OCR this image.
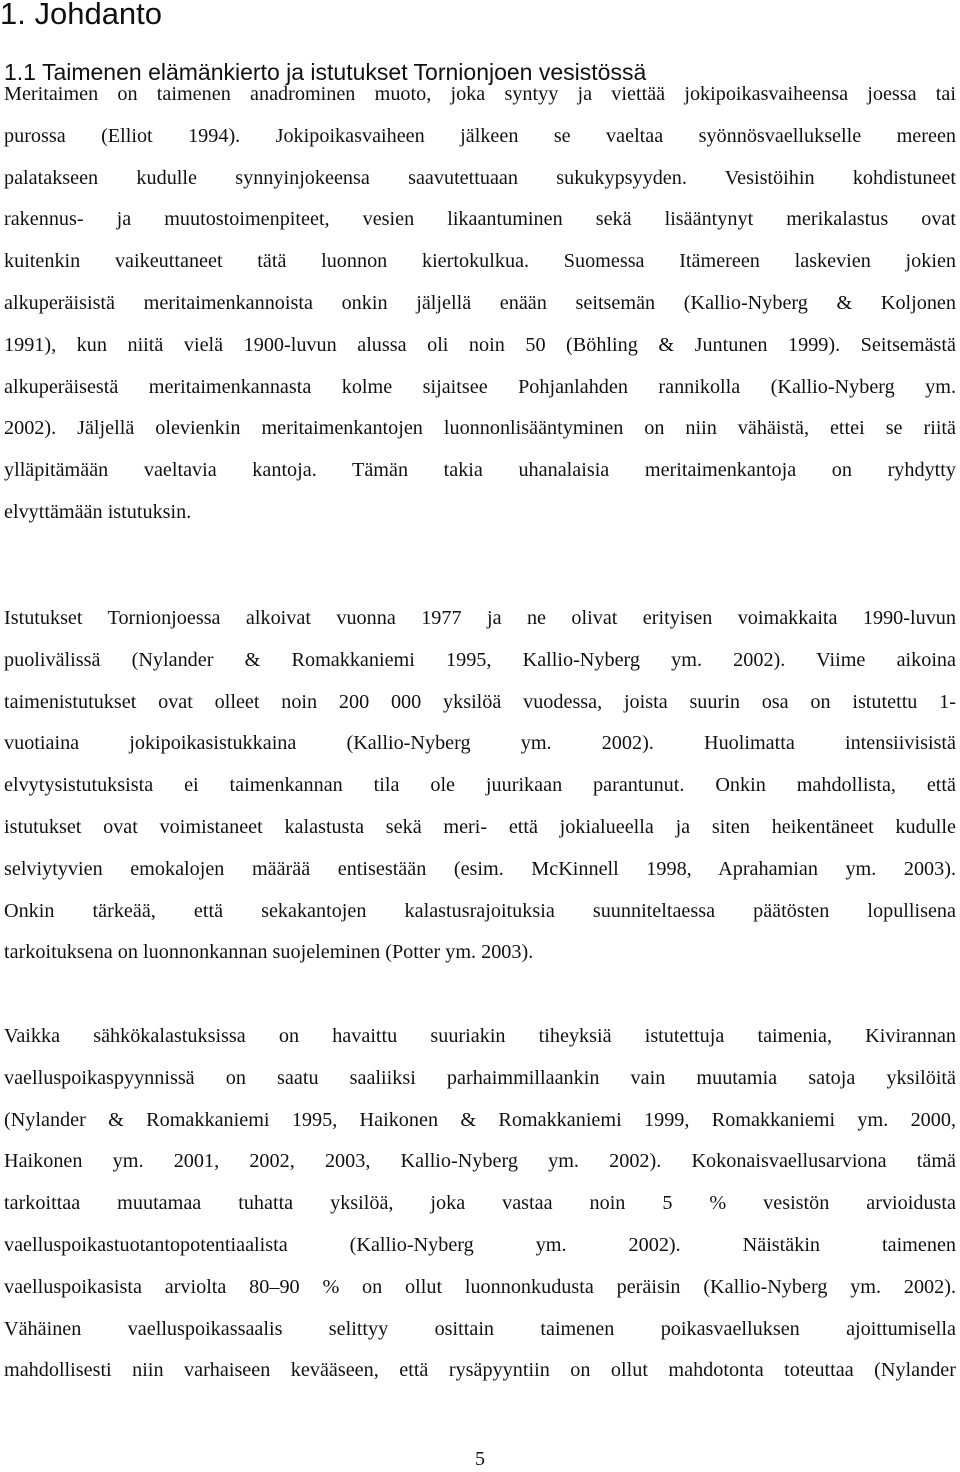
1. Johdanto
1.1 Taimenen elämänkierto ja istutukset Tornionjoen vesistössä
Meritaimen on taimenen anadrominen muoto, joka syntyy ja viettää jokipoikasvaiheensa joessa tai
purossa (Elliot 1994). Jokipoikasvaiheen jälkeen se vaeltaa syönnösvaellukselle mereen
palatakseen kudulle synnyinjokeensa saavutettuaan sukukypsyyden. Vesistöihin kohdistuneet
rakennus- ja muutostoimenpiteet, vesien likaantuminen sekä lisääntynyt merikalastus ovat
kuitenkin vaikeuttaneet tätä luonnon kiertokulkua. Suomessa Itämereen laskevien jokien
alkuperäisistä meritaimenkannoista onkin jäljellä enään seitsemän (Kallio-Nyberg & Koljonen
1991), kun niitä vielä 1900-luvun alussa oli noin 50 (Böhling & Juntunen 1999). Seitsemästä
alkuperäisestä meritaimenkannasta kolme sijaitsee Pohjanlahden rannikolla (Kallio-Nyberg ym.
2002). Jäljellä olevienkin meritaimenkantojen luonnonlisääntyminen on niin vähäistä, ettei se riitä
ylläpitämään vaeltavia kantoja. Tämän takia uhanalaisia meritaimenkantoja on ryhdytty
elvyttämään istutuksin.
Istutukset Tornionjoessa alkoivat vuonna 1977 ja ne olivat erityisen voimakkaita 1990-luvun
puolivälissä (Nylander & Romakkaniemi 1995, Kallio-Nyberg ym. 2002). Viime aikoina
taimenistutukset ovat olleet noin 200 000 yksilöä vuodessa, joista suurin osa on istutettu 1-
vuotiaina jokipoikasistukkaina (Kallio-Nyberg ym. 2002). Huolimatta intensiivisistä
elvytysistutuksista ei taimenkannan tila ole juurikaan parantunut. Onkin mahdollista, että
istutukset ovat voimistaneet kalastusta sekä meri- että jokialueella ja siten heikentäneet kudulle
selviytyvien emokalojen määrää entisestään (esim. McKinnell 1998, Aprahamian ym. 2003).
Onkin tärkeää, että sekakantojen kalastusrajoituksia suunniteltaessa päätösten lopullisena
tarkoituksena on luonnonkannan suojeleminen (Potter ym. 2003).
Vaikka sähkökalastuksissa on havaittu suuriakin tiheyksiä istutettuja taimenia, Kivirannan
vaelluspoikaspyynnissä on saatu saaliiksi parhaimmillaankin vain muutamia satoja yksilöitä
(Nylander & Romakkaniemi 1995, Haikonen & Romakkaniemi 1999, Romakkaniemi ym. 2000,
Haikonen ym. 2001, 2002, 2003, Kallio-Nyberg ym. 2002). Kokonaisvaellusarviona tämä
tarkoittaa muutamaa tuhatta yksilöä, joka vastaa noin 5 % vesistön arvioidusta
vaelluspoikastuotantopotentiaalista (Kallio-Nyberg ym. 2002). Näistäkin taimenen
vaelluspoikasista arviolta 80–90 % on ollut luonnonkudusta peräisin (Kallio-Nyberg ym. 2002).
Vähäinen vaelluspoikassaalis selittyy osittain taimenen poikasvaelluksen ajoittumisella
mahdollisesti niin varhaiseen kevääseen, että rysäpyyntiin on ollut mahdotonta toteuttaa (Nylander
5
